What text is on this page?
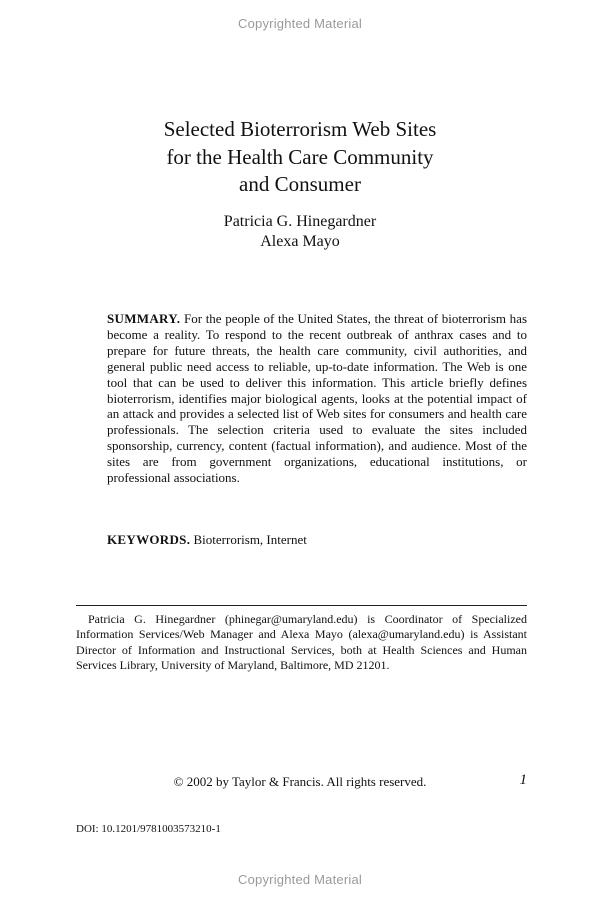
Copyrighted Material
Selected Bioterrorism Web Sites
for the Health Care Community
and Consumer
Patricia G. Hinegardner
Alexa Mayo
SUMMARY. For the people of the United States, the threat of bioterrorism has become a reality. To respond to the recent outbreak of anthrax cases and to prepare for future threats, the health care community, civil authorities, and general public need access to reliable, up-to-date information. The Web is one tool that can be used to deliver this information. This article briefly defines bioterrorism, identifies major biological agents, looks at the potential impact of an attack and provides a selected list of Web sites for consumers and health care professionals. The selection criteria used to evaluate the sites included sponsorship, currency, content (factual information), and audience. Most of the sites are from government organizations, educational institutions, or professional associations.
KEYWORDS. Bioterrorism, Internet
Patricia G. Hinegardner (phinegar@umaryland.edu) is Coordinator of Specialized Information Services/Web Manager and Alexa Mayo (alexa@umaryland.edu) is Assistant Director of Information and Instructional Services, both at Health Sciences and Human Services Library, University of Maryland, Baltimore, MD 21201.
© 2002 by Taylor & Francis. All rights reserved.	1
DOI: 10.1201/9781003573210-1
Copyrighted Material
